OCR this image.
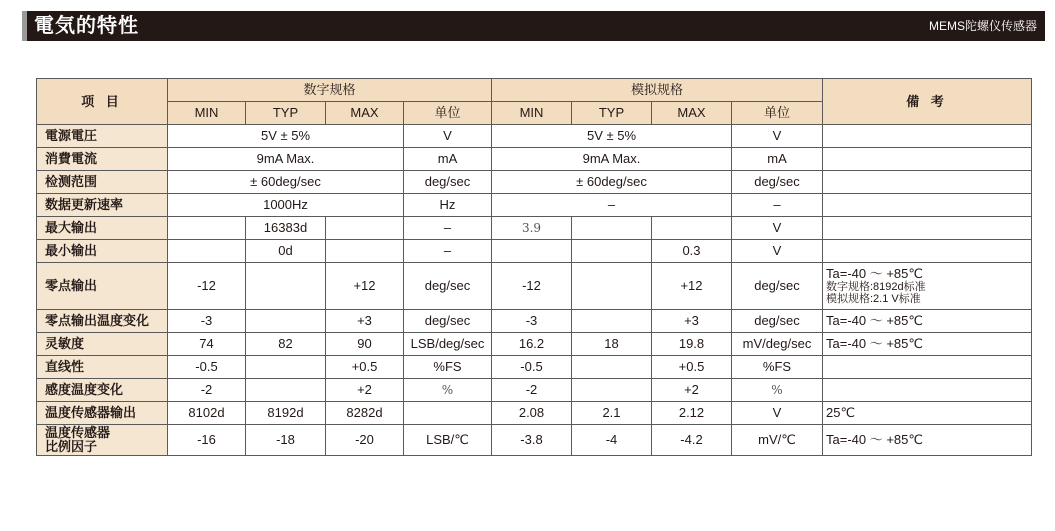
電気的特性	MEMS陀螺仪传感器
项 目	数字规格				模拟规格				備 考
	MIN	TYP	MAX	单位	MIN	TYP	MAX	单位	
電源電圧	5V ± 5%			V	5V ± 5%			V	
消費電流	9mA Max.			mA	9mA Max.			mA	
检测范围	± 60deg/sec			deg/sec	± 60deg/sec			deg/sec	
数据更新速率	1000Hz			Hz	–			–	
最大输出		16383d		–	3.9			V	
最小输出		0d		–			0.3	V	
零点输出	-12		+12	deg/sec	-12		+12	deg/sec	Ta=-40 ～ +85℃
数字规格:8192d标准
模拟规格:2.1 V标准

零点输出温度变化	-3		+3	deg/sec	-3		+3	deg/sec	Ta=-40 ～ +85℃
灵敏度	74	82	90	LSB/deg/sec	16.2	18	19.8	mV/deg/sec	Ta=-40 ～ +85℃
直线性	-0.5		+0.5	%FS	-0.5		+0.5	%FS	
感度温度变化	-2		+2	%	-2		+2	%	
温度传感器输出	8102d	8192d	8282d		2.08	2.1	2.12	V	25℃

温度传感器
比例因子	-16	-18	-20	LSB/℃	-3.8	-4	-4.2	mV/℃	Ta=-40 ～ +85℃
